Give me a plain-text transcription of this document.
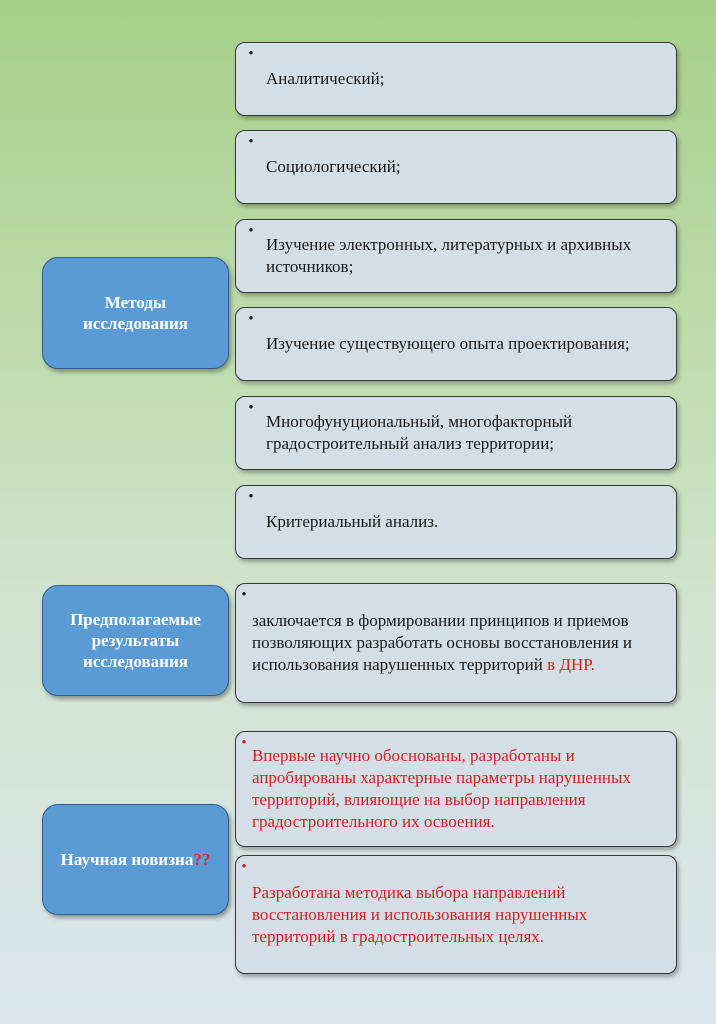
Методы исследования
•
Аналитический;
•
Социологический;
•
Изучение электронных, литературных и архивных источников;
•
Изучение существующего опыта проектирования;
•
Многофунуциональный, многофакторный градостроительный анализ территории;
•
Критериальный анализ.
Предполагаемые результаты исследования
•
заключается в формировании принципов и приемов позволяющих разработать основы восстановления и использования нарушенных территорий в ДНР.
Научная новизна??
•
Впервые научно обоснованы, разработаны и апробированы характерные параметры нарушенных территорий, влияющие на выбор направления градостроительного их освоения.
•
Разработана методика выбора направлений восстановления и использования нарушенных территорий в градостроительных целях.
